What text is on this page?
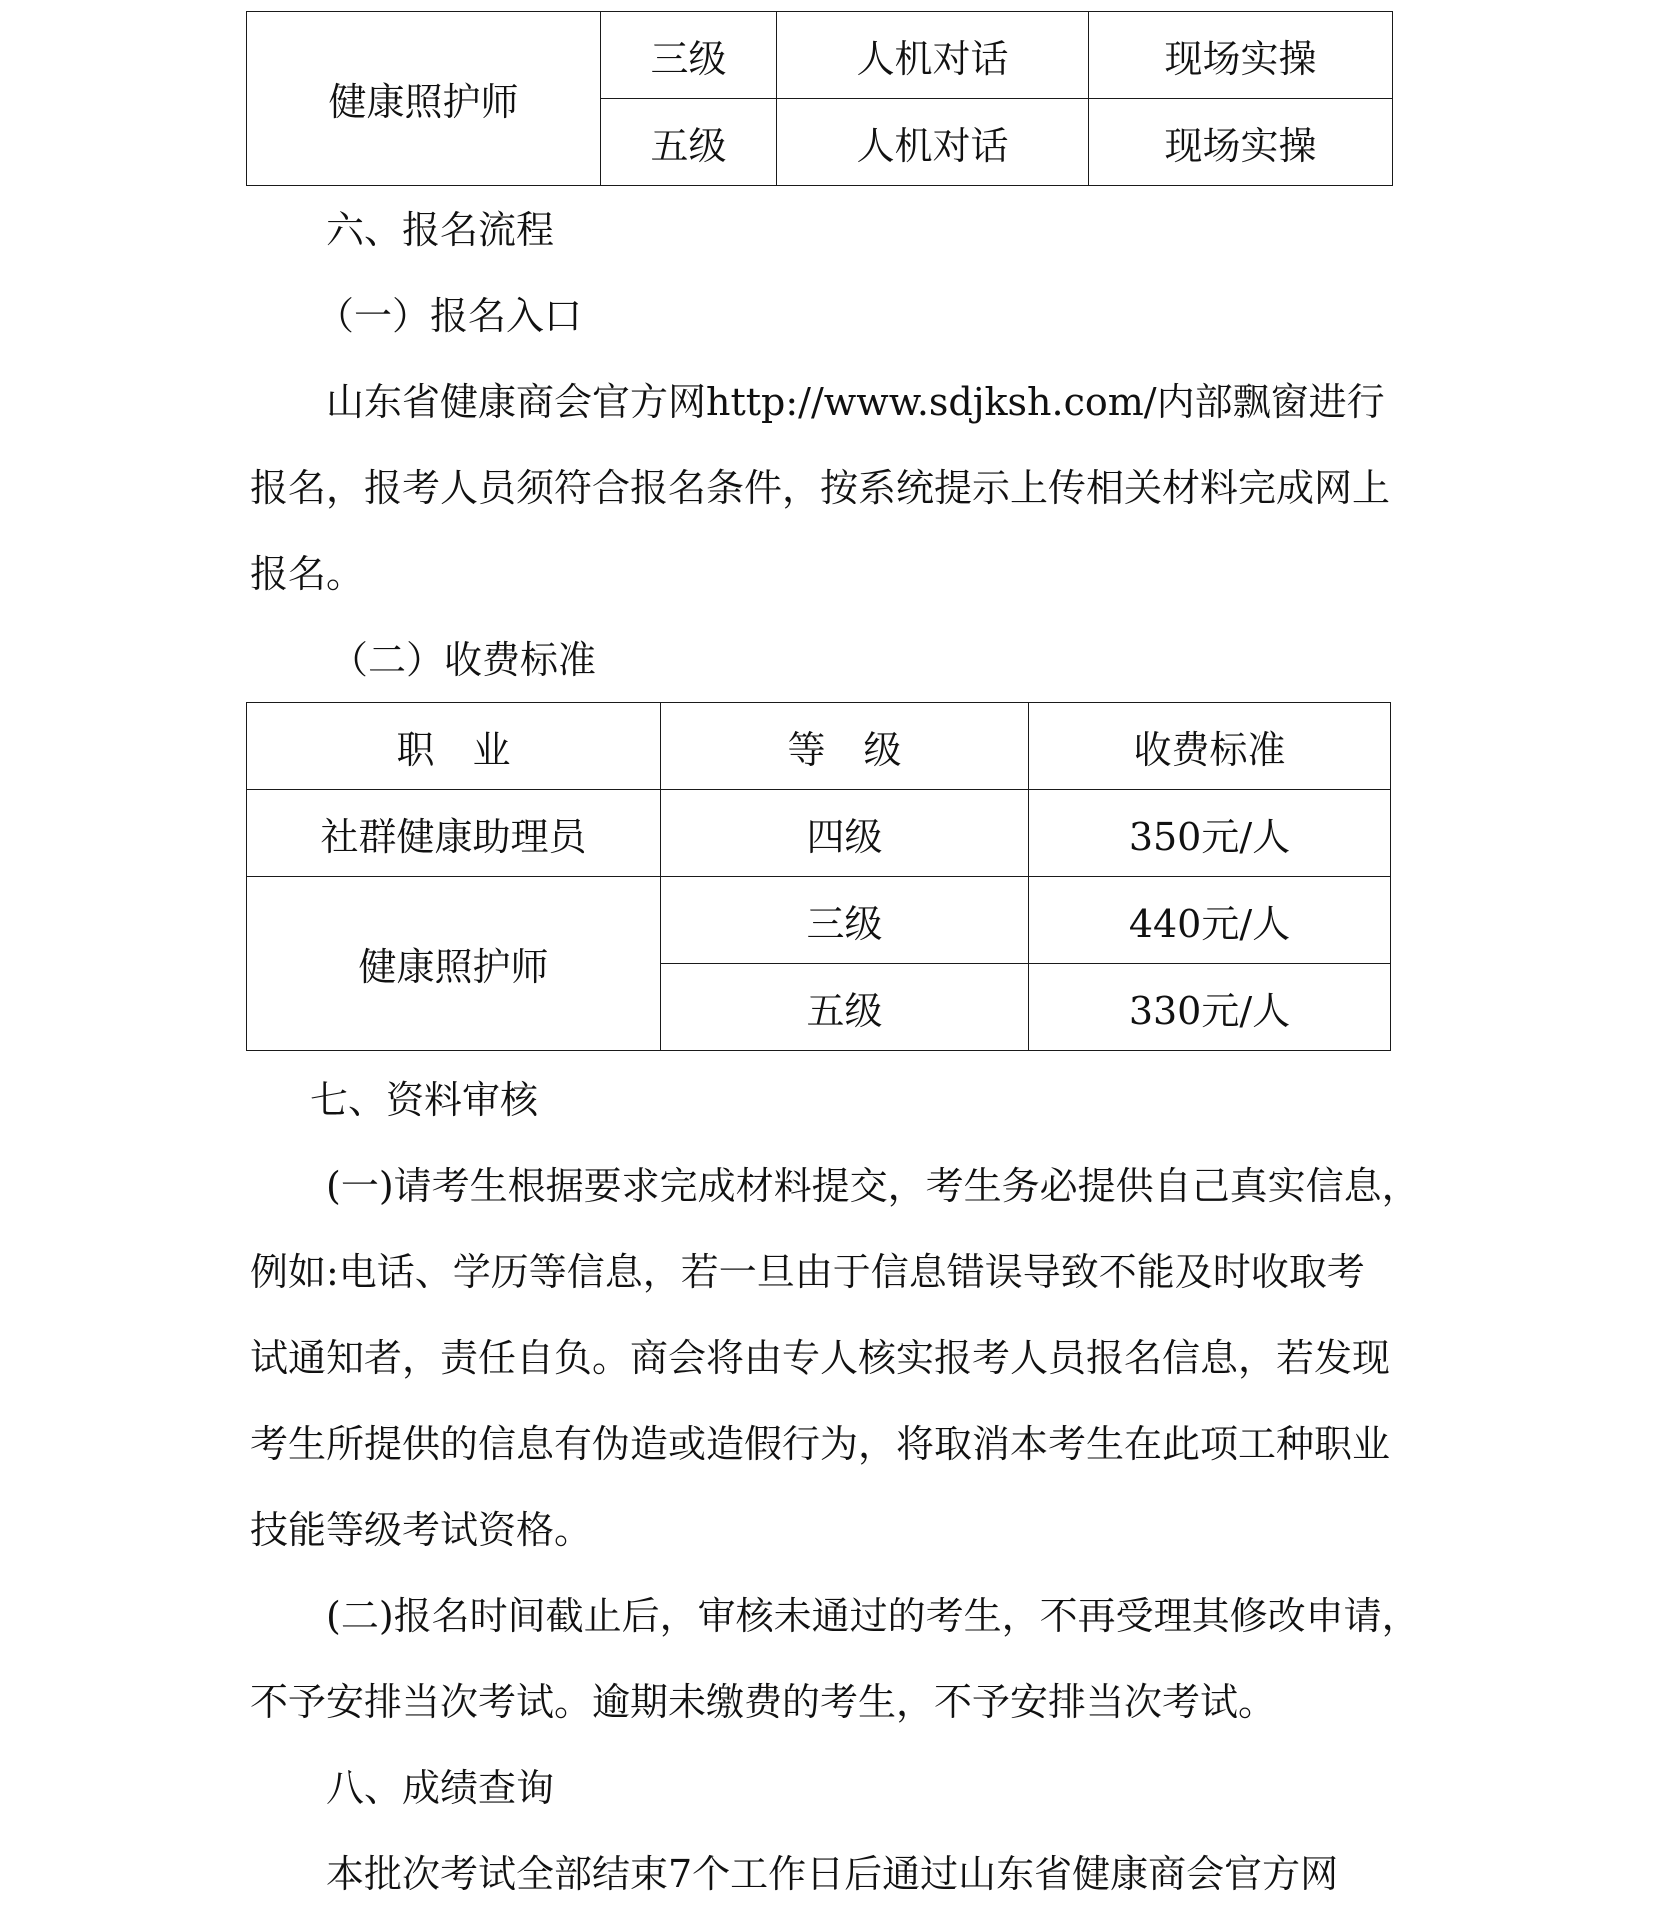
健康照护师	三级	人机对话	现场实操
	五级	人机对话	现场实操

六、报名流程

（一）报名入口

山东省健康商会官方网http://www.sdjksh.com/内部飘窗进行

报名，报考人员须符合报名条件，按系统提示上传相关材料完成网上

报名。

（二）收费标准

职　业	等　级	收费标准
社群健康助理员	四级	350元/人
健康照护师	三级	440元/人
	五级	330元/人

七、资料审核

(一)请考生根据要求完成材料提交，考生务必提供自己真实信息，

例如:电话、学历等信息，若一旦由于信息错误导致不能及时收取考

试通知者，责任自负。商会将由专人核实报考人员报名信息，若发现

考生所提供的信息有伪造或造假行为，将取消本考生在此项工种职业

技能等级考试资格。

(二)报名时间截止后，审核未通过的考生，不再受理其修改申请，

不予安排当次考试。逾期未缴费的考生，不予安排当次考试。

八、成绩查询

本批次考试全部结束7个工作日后通过山东省健康商会官方网
